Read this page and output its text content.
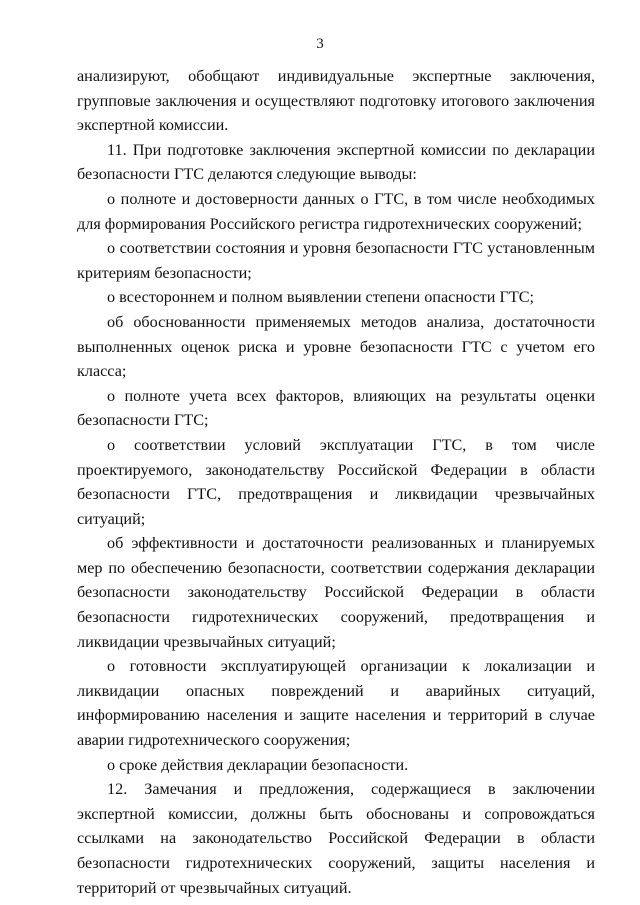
3

анализируют, обобщают индивидуальные экспертные заключения, групповые заключения и осуществляют подготовку итогового заключения экспертной комиссии.

11. При подготовке заключения экспертной комиссии по декларации безопасности ГТС делаются следующие выводы:

о полноте и достоверности данных о ГТС, в том числе необходимых для формирования Российского регистра гидротехнических сооружений;

о соответствии состояния и уровня безопасности ГТС установленным критериям безопасности;

о всестороннем и полном выявлении степени опасности ГТС;

об обоснованности применяемых методов анализа, достаточности выполненных оценок риска и уровне безопасности ГТС с учетом его класса;

о полноте учета всех факторов, влияющих на результаты оценки безопасности ГТС;

о соответствии условий эксплуатации ГТС, в том числе проектируемого, законодательству Российской Федерации в области безопасности ГТС, предотвращения и ликвидации чрезвычайных ситуаций;

об эффективности и достаточности реализованных и планируемых мер по обеспечению безопасности, соответствии содержания декларации безопасности законодательству Российской Федерации в области безопасности гидротехнических сооружений, предотвращения и ликвидации чрезвычайных ситуаций;

о готовности эксплуатирующей организации к локализации и ликвидации опасных повреждений и аварийных ситуаций, информированию населения и защите населения и территорий в случае аварии гидротехнического сооружения;

о сроке действия декларации безопасности.

12. Замечания и предложения, содержащиеся в заключении экспертной комиссии, должны быть обоснованы и сопровождаться ссылками на законодательство Российской Федерации в области безопасности гидротехнических сооружений, защиты населения и территорий от чрезвычайных ситуаций.
